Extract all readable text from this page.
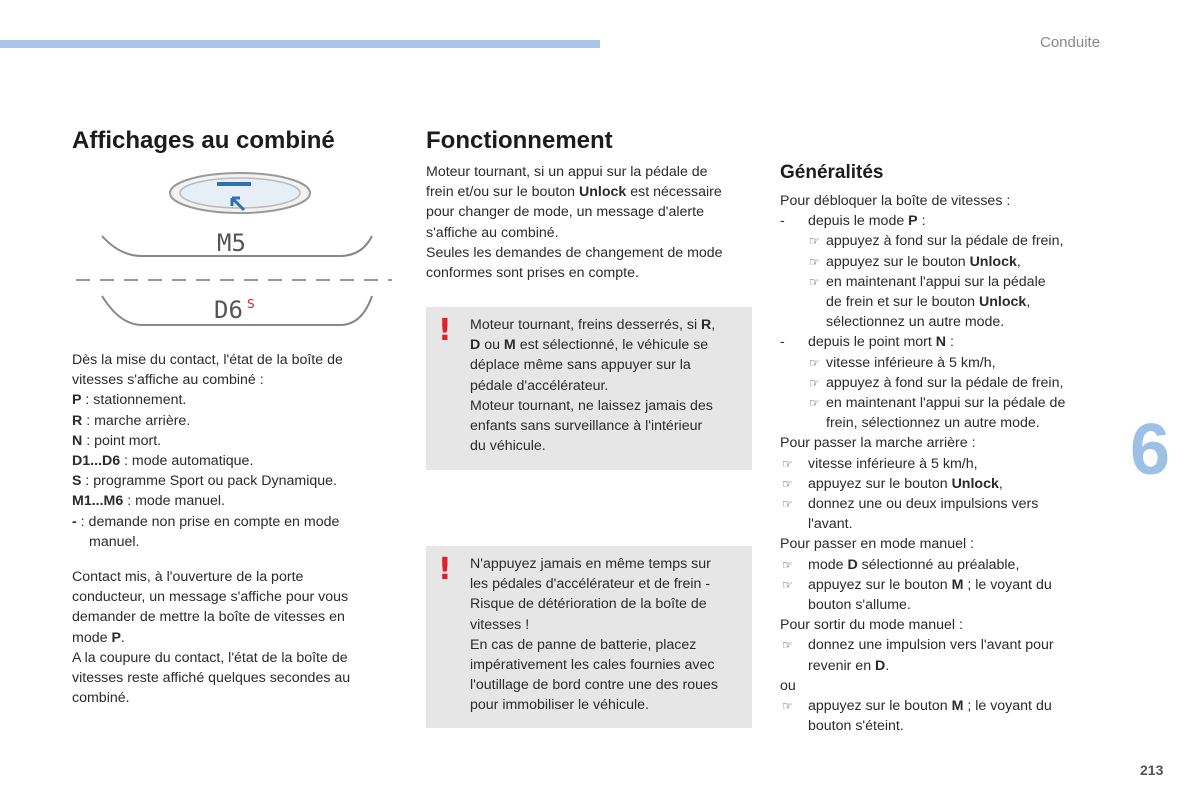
Conduite
6
213
Affichages au combiné
M5
D6 S

Dès la mise du contact, l'état de la boîte de

vitesses s'affiche au combiné :

P : stationnement.

R : marche arrière.

N : point mort.

D1...D6 : mode automatique.

S : programme Sport ou pack Dynamique.

M1...M6 : mode manuel.

- : demande non prise en compte en mode

manuel.

Contact mis, à l'ouverture de la porte

conducteur, un message s'affiche pour vous

demander de mettre la boîte de vitesses en

mode P.

A la coupure du contact, l'état de la boîte de

vitesses reste affiché quelques secondes au

combiné.

Fonctionnement

Moteur tournant, si un appui sur la pédale de

frein et/ou sur le bouton Unlock est nécessaire

pour changer de mode, un message d'alerte

s'affiche au combiné.

Seules les demandes de changement de mode

conformes sont prises en compte.

! Moteur tournant, freins desserrés, si R,

D ou M est sélectionné, le véhicule se

déplace même sans appuyer sur la

pédale d'accélérateur.

Moteur tournant, ne laissez jamais des

enfants sans surveillance à l'intérieur

du véhicule.

! N'appuyez jamais en même temps sur

les pédales d'accélérateur et de frein -

Risque de détérioration de la boîte de

vitesses !

En cas de panne de batterie, placez

impérativement les cales fournies avec

l'outillage de bord contre une des roues

pour immobiliser le véhicule.

Généralités

Pour débloquer la boîte de vitesses :

- depuis le mode P :
☞ appuyez à fond sur la pédale de frein,
☞ appuyez sur le bouton Unlock,
☞ en maintenant l'appui sur la pédale
de frein et sur le bouton Unlock,
sélectionnez un autre mode.
- depuis le point mort N :
☞ vitesse inférieure à 5 km/h,
☞ appuyez à fond sur la pédale de frein,
☞ en maintenant l'appui sur la pédale de
frein, sélectionnez un autre mode.

Pour passer la marche arrière :

☞ vitesse inférieure à 5 km/h,
☞ appuyez sur le bouton Unlock,
☞ donnez une ou deux impulsions vers
l'avant.

Pour passer en mode manuel :

☞ mode D sélectionné au préalable,
☞ appuyez sur le bouton M ; le voyant du
bouton s'allume.

Pour sortir du mode manuel :

☞ donnez une impulsion vers l'avant pour
revenir en D.

ou

☞ appuyez sur le bouton M ; le voyant du
bouton s'éteint.
